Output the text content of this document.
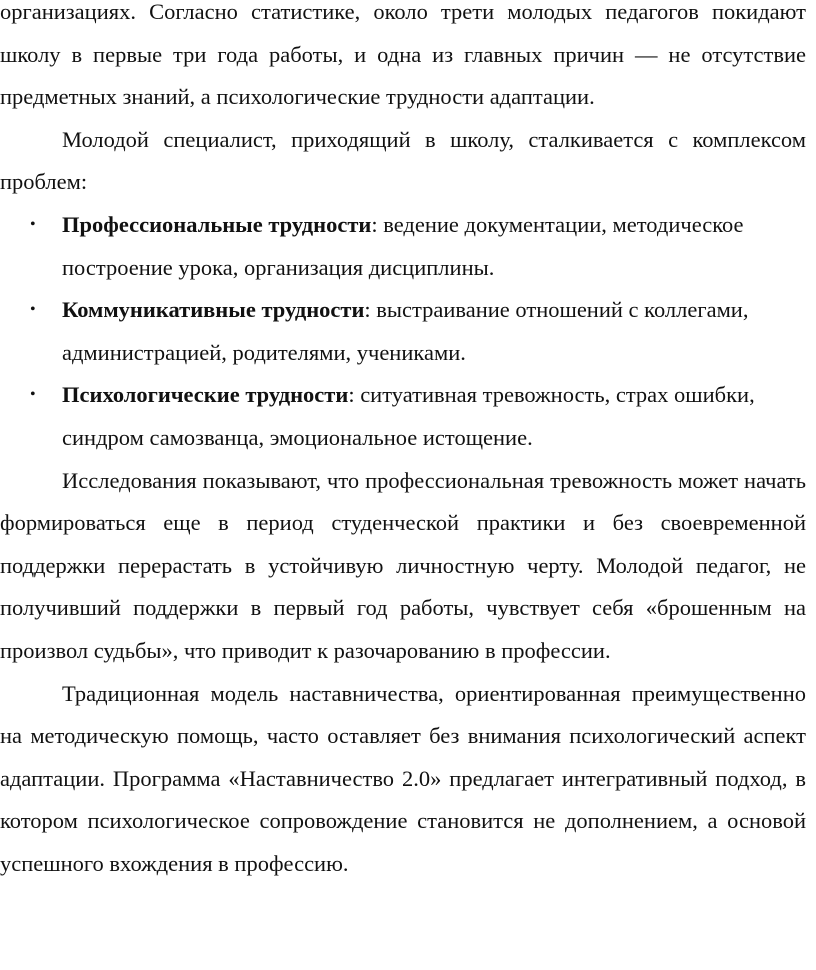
организациях. Согласно статистике, около трети молодых педагогов покидают школу в первые три года работы, и одна из главных причин — не отсутствие предметных знаний, а психологические трудности адаптации.

Молодой специалист, приходящий в школу, сталкивается с комплексом проблем:

• Профессиональные трудности: ведение документации, методическое построение урока, организация дисциплины.
• Коммуникативные трудности: выстраивание отношений с коллегами, администрацией, родителями, учениками.
• Психологические трудности: ситуативная тревожность, страх ошибки, синдром самозванца, эмоциональное истощение.

Исследования показывают, что профессиональная тревожность может начать формироваться еще в период студенческой практики и без своевременной поддержки перерастать в устойчивую личностную черту. Молодой педагог, не получивший поддержки в первый год работы, чувствует себя «брошенным на произвол судьбы», что приводит к разочарованию в профессии.

Традиционная модель наставничества, ориентированная преимущественно на методическую помощь, часто оставляет без внимания психологический аспект адаптации. Программа «Наставничество 2.0» предлагает интегративный подход, в котором психологическое сопровождение становится не дополнением, а основой успешного вхождения в профессию.
